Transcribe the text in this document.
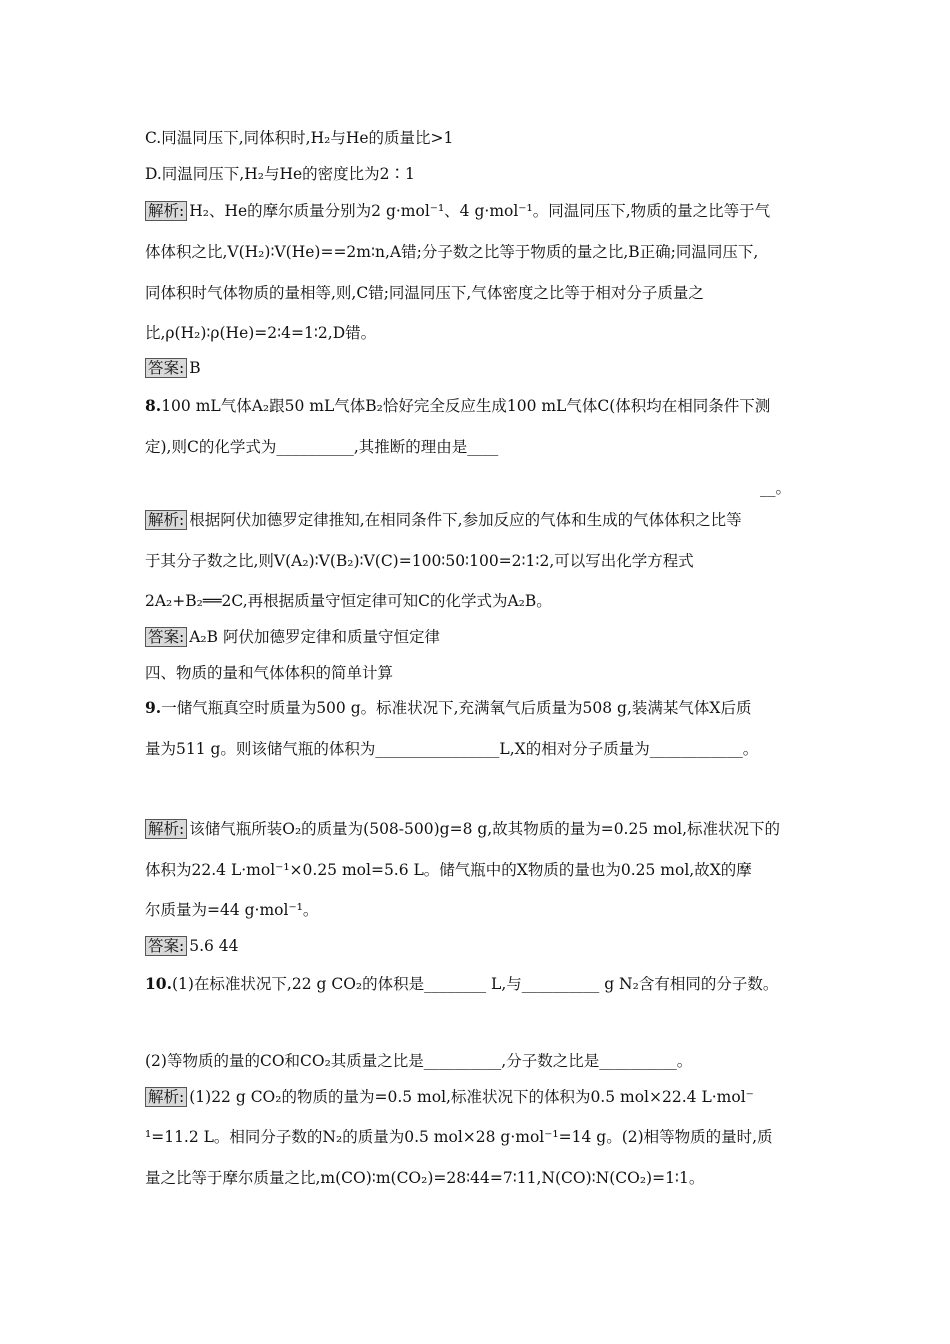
C.同温同压下,同体积时,H₂与He的质量比>1
D.同温同压下,H₂与He的密度比为2∶1
解析: H₂、He的摩尔质量分别为2 g·mol⁻¹、4 g·mol⁻¹。同温同压下,物质的量之比等于气
体体积之比,V(H₂)∶V(He)==2m∶n,A错;分子数之比等于物质的量之比,B正确;同温同压下,
同体积时气体物质的量相等,则,C错;同温同压下,气体密度之比等于相对分子质量之
比,ρ(H₂)∶ρ(He)=2∶4=1∶2,D错。
答案: B
8.100 mL气体A₂跟50 mL气体B₂恰好完全反应生成100 mL气体C(体积均在相同条件下测
定),则C的化学式为__________,其推断的理由是____
__。
解析: 根据阿伏加德罗定律推知,在相同条件下,参加反应的气体和生成的气体体积之比等
于其分子数之比,则V(A₂)∶V(B₂)∶V(C)=100∶50∶100=2∶1∶2,可以写出化学方程式
2A₂+B₂══2C,再根据质量守恒定律可知C的化学式为A₂B。
答案: A₂B 阿伏加德罗定律和质量守恒定律
四、物质的量和气体体积的简单计算
9.一储气瓶真空时质量为500 g。标准状况下,充满氧气后质量为508 g,装满某气体X后质
量为511 g。则该储气瓶的体积为________________L,X的相对分子质量为____________。
解析: 该储气瓶所装O₂的质量为(508-500)g=8 g,故其物质的量为=0.25 mol,标准状况下的
体积为22.4 L·mol⁻¹×0.25 mol=5.6 L。储气瓶中的X物质的量也为0.25 mol,故X的摩
尔质量为=44 g·mol⁻¹。
答案: 5.6 44
10.(1)在标准状况下,22 g CO₂的体积是________ L,与__________ g N₂含有相同的分子数。
(2)等物质的量的CO和CO₂其质量之比是__________,分子数之比是__________。
解析: (1)22 g CO₂的物质的量为=0.5 mol,标准状况下的体积为0.5 mol×22.4 L·mol⁻
¹=11.2 L。相同分子数的N₂的质量为0.5 mol×28 g·mol⁻¹=14 g。(2)相等物质的量时,质
量之比等于摩尔质量之比,m(CO)∶m(CO₂)=28∶44=7∶11,N(CO)∶N(CO₂)=1∶1。
